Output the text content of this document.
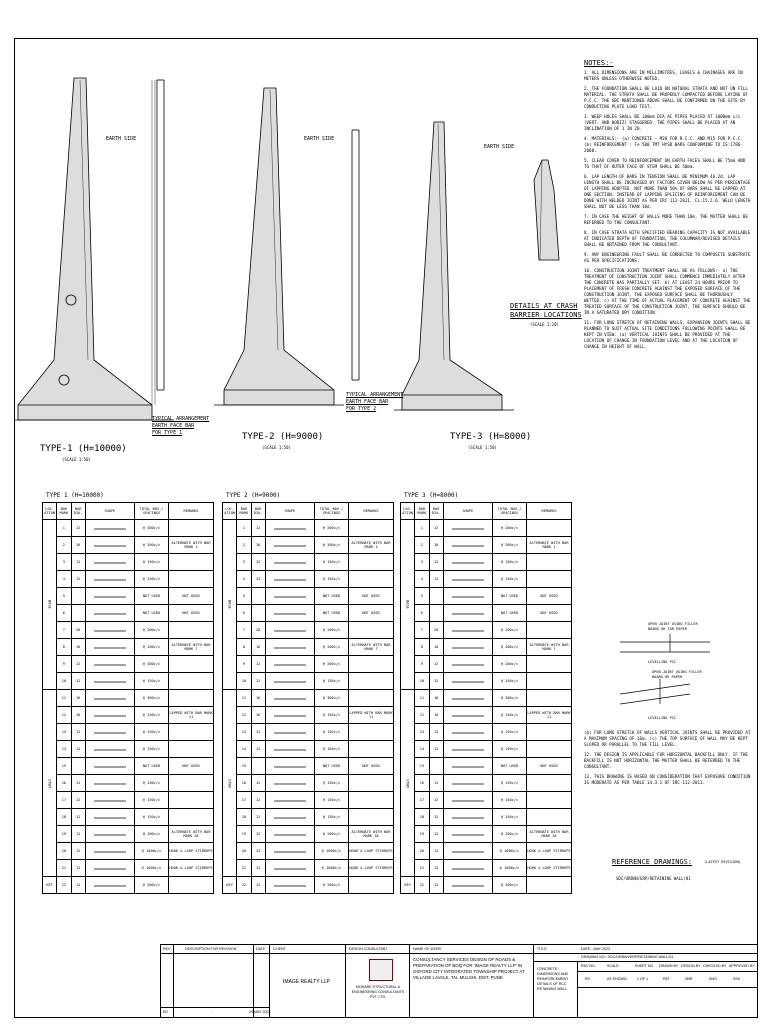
EARTH SIDE	EARTH SIDE
EARTH SIDE
TYPE-1 (H=10000)
(SCALE 1:50)
TYPICAL ARRANGEMENT
EARTH FACE BAR
FOR TYPE 1	TYPE-2 (H=9000)
(SCALE 1:50)
TYPICAL ARRANGEMENT
EARTH FACE BAR
FOR TYPE 2
TYPE-3 (H=8000)
(SCALE 1:50)
DETAILS AT CRASH
BARRIER LOCATIONS
(SCALE 1:20)
NOTES:-

1. ALL DIMENSIONS ARE IN MILLIMETRES, LEVELS & CHAINAGES ARE IN METERS UNLESS OTHERWISE NOTED.

2. THE FOUNDATION SHALL BE LAID ON NATURAL STRATA AND NOT ON FILL MATERIAL. THE STRATA SHALL BE PROPERLY COMPACTED BEFORE LAYING OF P.C.C. THE SBC MENTIONED ABOVE SHALL BE CONFIRMED ON THE SITE BY CONDUCTING PLATE LOAD TEST.

3. WEEP HOLES SHALL BE 100mm DIA AC PIPES PLACED AT 1000mm c/c (VERT. AND HORIZ) STAGGERED. THE PIPES SHALL BE PLACED AT AN INCLINATION OF 1 IN 20.

4. MATERIALS:- (a) CONCRETE - M20 FOR R.C.C. AND M15 FOR P.C.C. (b) REINFORCEMENT : Fe 500 TMT HYSD BARS CONFORMING TO IS:1786-2008.

5. CLEAR COVER TO REINFORCEMENT ON EARTH FACES SHALL BE 75mm AND TO THAT OF OUTER FACE OF STEM SHALL BE 50mm.

6. LAP LENGTH OF BARS IN TENSION SHALL BE MINIMUM 46.2d. LAP LENGTH SHALL BE INCREASED BY FACTORS GIVEN BELOW AS PER PERCENTAGE OF LAPPING ADOPTED. NOT MORE THAN 50% OF BARS SHALL BE LAPPED AT ONE SECTION. INSTEAD OF LAPPING SPLICING OF REINFORCEMENT CAN BE DONE WITH WELDED JOINT AS PER IRC 112-2011. CL.15.2.6. WELD LENGTH SHALL NOT BE LESS THAN 10d.

7. IN CASE THE HEIGHT OF WALLS MORE THAN 10m, THE MATTER SHALL BE REFERRED TO THE CONSULTANT.

8. IN CASE STRATA WITH SPECIFIED BEARING CAPACITY IS NOT AVAILABLE AT INDICATED DEPTH OF FOUNDATION, THE COLUMNAR/REVISED DETAILS SHALL BE OBTAINED FROM THE CONSULTANT.

9. ANY ENGINEERING FAULT SHALL BE CORRECTED TO COMPOSITE SUBSTRATE AS PER SPECIFICATIONS.

10. CONSTRUCTION JOINT TREATMENT SHALL BE AS FOLLOWS:- a) THE TREATMENT OF CONSTRUCTION JOINT SHALL COMMENCE IMMEDIATELY AFTER THE CONCRETE HAS PARTIALLY SET. b) AT LEAST 24 HOURS PRIOR TO PLACEMENT OF FRESH CONCRETE AGAINST THE EXPOSED SURFACE OF THE CONSTRUCTION JOINT, THE EXPOSED SURFACE SHALL BE THOROUGHLY WETTED. c) AT THE TIME OF ACTUAL PLACEMENT OF CONCRETE AGAINST THE TREATED SURFACE OF THE CONSTRUCTION JOINT, THE SURFACE SHOULD BE IN A SATURATED DRY CONDITION.

11. FOR LONG STRETCH OF RETAINING WALLS, EXPANSION JOINTS SHALL BE PLANNED TO SUIT ACTUAL SITE CONDITIONS FOLLOWING POINTS SHALL BE KEPT IN VIEW. (a) VERTICAL JOINTS SHALL BE PROVIDED AT THE LOCATION OF CHANGE IN FOUNDATION LEVEL AND AT THE LOCATION OF CHANGE IN HEIGHT OF WALL.

OPEN JOINT USING FILLER BOARD OR TAR PAPER
LEVELLING PCC
OPEN JOINT USING FILLER BOARD OR PAPER
LEVELLING PCC

(b) FOR LONG STRETCH OF WALLS VERTICAL JOINTS SHALL BE PROVIDED AT A MAXIMUM SPACING OF 16m. (c) THE TOP SURFACE OF WALL MAY BE KEPT SLOPED OR PARALLEL TO THE FILL LEVEL.

12. THE DESIGN IS APPLICABLE FOR HORIZONTAL BACKFILL ONLY. IF THE BACKFILL IS NOT HORIZONTAL THE MATTER SHALL BE REFERRED TO THE CONSULTANT.

13. THIS DRAWING IS BASED ON CONSIDERATION THAT EXPOSURE CONDITION IS MODERATE AS PER TABLE 14.3.1 OF IRC-112-2011.

REFERENCE DRAWINGS:	(LATEST REVISION)
SDC/URBAN/ERP/RETAINING WALL/01
TYPE 1 (H=10000)	TYPE 2 (H=9000)	TYPE 3 (H=8000)
LOC-ATION	BAR MARK	BAR DIA.	SHAPE	TOTAL NOS./ SPACINGS	REMARKS
BASE	1	12		@ 200c/c	
	2	16		@ 200c/c	ALTERNATE WITH BAR MARK 1
	3	12		@ 150c/c	
	4	12		@ 150c/c	
	5			NOT USED	NOT USED
	6			NOT USED	NOT USED
	7	20		@ 200c/c	
	8	16		@ 200c/c	ALTERNATE WITH BAR MARK 7
	9	12		@ 200c/c	
	10	12		@ 150c/c	
STEM	11	16		@ 300c/c	
	12	16		@ 150c/c	LAPPED WITH BAR MARK 11
	13	12		@ 150c/c	
	14	12		@ 150c/c	
	15			NOT USED	NOT USED
	16	12		@ 150c/c	
	17	12		@ 150c/c	
	18	12		@ 150c/c	
	19	12		@ 200c/c	ALTERNATE WITH BAR MARK 18
	20	12		@ 1000c/c	HOOK & LOOP STIRRUPS
	21	12		@ 1000c/c	HOOK & LOOP STIRRUPS
KEY	22	12		@ 200c/c	
LOC-ATION	BAR MARK	BAR DIA.	SHAPE	TOTAL NOS./ SPACINGS	REMARKS
BASE	1	12		@ 200c/c	
	2	16		@ 200c/c	ALTERNATE WITH BAR MARK 1
	3	12		@ 150c/c	
	4	12		@ 150c/c	
	5			NOT USED	NOT USED
	6			NOT USED	NOT USED
	7	20		@ 200c/c	
	8	16		@ 200c/c	ALTERNATE WITH BAR MARK 7
	9	12		@ 200c/c	
	10	12		@ 150c/c	
STEM	11	16		@ 300c/c	
	12	16		@ 150c/c	LAPPED WITH BAR MARK 11
	13	12		@ 150c/c	
	14	12		@ 150c/c	
	15			NOT USED	NOT USED
	16	12		@ 150c/c	
	17	12		@ 150c/c	
	18	12		@ 150c/c	
	19	12		@ 200c/c	ALTERNATE WITH BAR MARK 18
	20	12		@ 1000c/c	HOOK & LOOP STIRRUPS
	21	12		@ 1000c/c	HOOK & LOOP STIRRUPS
KEY	22	12		@ 200c/c	
LOC-ATION	BAR MARK	BAR DIA.	SHAPE	TOTAL NOS./ SPACINGS	REMARKS
BASE	1	12		@ 200c/c	
	2	16		@ 200c/c	ALTERNATE WITH BAR MARK 1
	3	12		@ 150c/c	
	4	12		@ 150c/c	
	5			NOT USED	NOT USED
	6			NOT USED	NOT USED
	7	20		@ 200c/c	
	8	16		@ 200c/c	ALTERNATE WITH BAR MARK 7
	9	12		@ 200c/c	
	10	12		@ 150c/c	
STEM	11	16		@ 300c/c	
	12	16		@ 150c/c	LAPPED WITH BAR MARK 11
	13	12		@ 150c/c	
	14	12		@ 150c/c	
	15			NOT USED	NOT USED
	16	12		@ 150c/c	
	17	12		@ 150c/c	
	18	12		@ 150c/c	
	19	12		@ 200c/c	ALTERNATE WITH BAR MARK 18
	20	12		@ 1000c/c	HOOK & LOOP STIRRUPS
	21	12		@ 1000c/c	HOOK & LOOP STIRRUPS
KEY	22	12		@ 200c/c	
REV	DESCRIPTION FOR REVISION	DATE CLIENT	DESIGN CONSULTANT	NAME OF WORK	TITLE
R0	-	29 MAY 2023
IMAGE REALTY LLP
MOHARE STRUCTURAL & ENGINEERING CONSULTANTS PVT. LTD.
CONSULTANCY SERVICES DESIGN OF ROADS & PREPARATION OF BOQ FOR 'IMAGE REALTY LLP' IN OXFORD CITY INTEGRATED TOWNSHIP PROJECT AT VILLAGE LAVALE, TAL MULSHI, DIST. PUNE
CONCRETE DIMENSIONS AND REINFORCEMENT DETAILS OF RCC RETAINING WALL
DATE:- MAY 2023
DRAWING NO:- SDC/URBAN/ERP/RETAINING WALL/01
REV NO.	SCALE	SHEET NO DRAWN BY DESIGN BY CHECKED BY APPROVED BY
R0	AS SHOWN	1 OF 1	PAT	SBR	SMG	SSK
